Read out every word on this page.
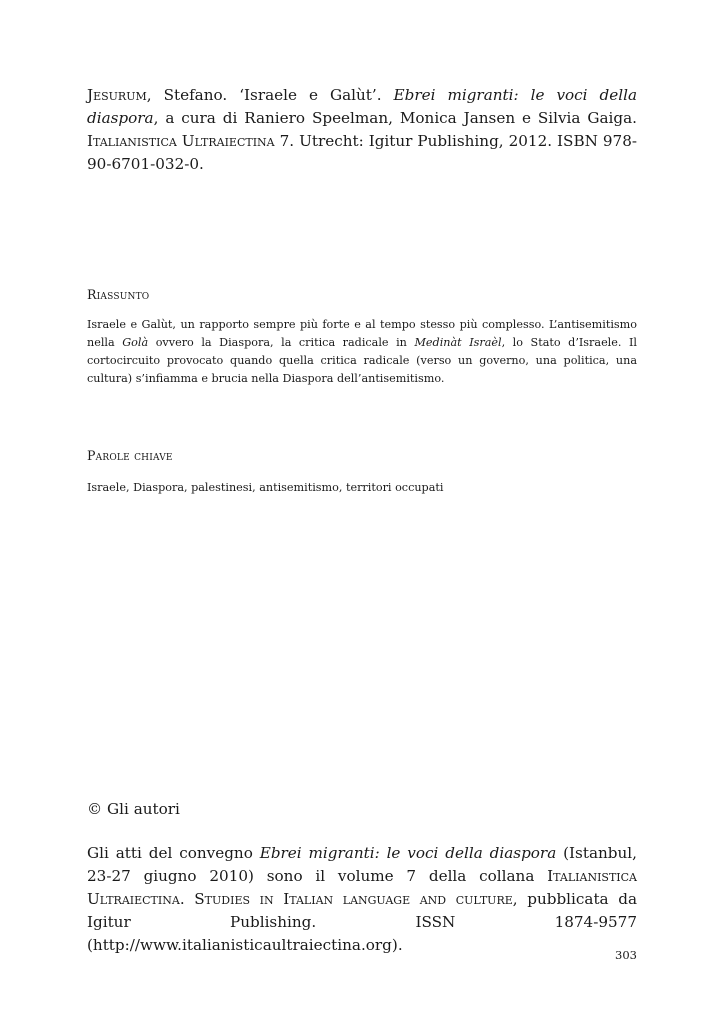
Jesurum, Stefano. ‘Israele e Galùt’. Ebrei migranti: le voci della diaspora, a cura di Raniero Speelman, Monica Jansen e Silvia Gaiga. Italianistica Ultraiectina 7. Utrecht: Igitur Publishing, 2012. ISBN 978-90-6701-032-0.

Riassunto

Israele e Galùt, un rapporto sempre più forte e al tempo stesso più complesso. L’antisemitismo nella Golà ovvero la Diaspora, la critica radicale in Medinàt Israèl, lo Stato d’Israele. Il cortocircuito provocato quando quella critica radicale (verso un governo, una politica, una cultura) s’infiamma e brucia nella Diaspora dell’antisemitismo.

Parole chiave

Israele, Diaspora, palestinesi, antisemitismo, territori occupati

© Gli autori

Gli atti del convegno Ebrei migranti: le voci della diaspora (Istanbul, 23-27 giugno 2010) sono il volume 7 della collana Italianistica Ultraiectina. Studies in Italian language and culture, pubblicata da Igitur Publishing. ISSN 1874-9577 (http://www.italianisticaultraiectina.org).

303
